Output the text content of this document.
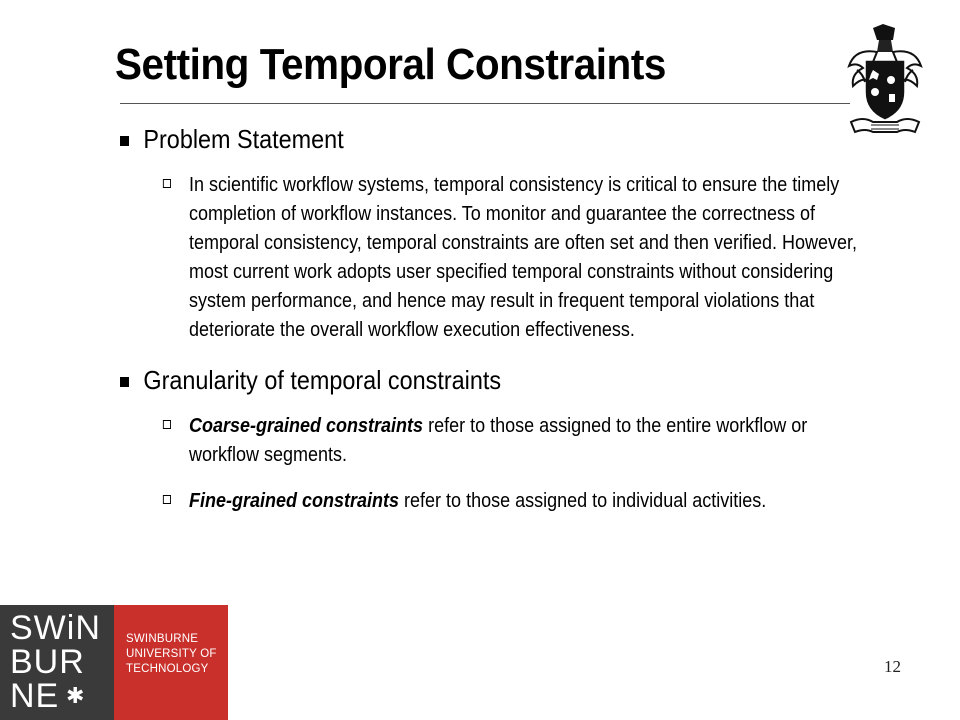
Setting Temporal Constraints
Problem Statement
In scientific workflow systems, temporal consistency is critical to ensure the timely completion of workflow instances. To monitor and guarantee the correctness of temporal consistency, temporal constraints are often set and then verified. However, most current work adopts user specified temporal constraints without considering system performance, and hence may result in frequent temporal violations that deteriorate the overall workflow execution effectiveness.
Granularity of temporal constraints
Coarse-grained constraints refer to those assigned to the entire workflow or workflow segments.
Fine-grained constraints refer to those assigned to individual activities.
SWiN
BUR
NE ✱
SWINBURNE
UNIVERSITY OF
TECHNOLOGY	12
